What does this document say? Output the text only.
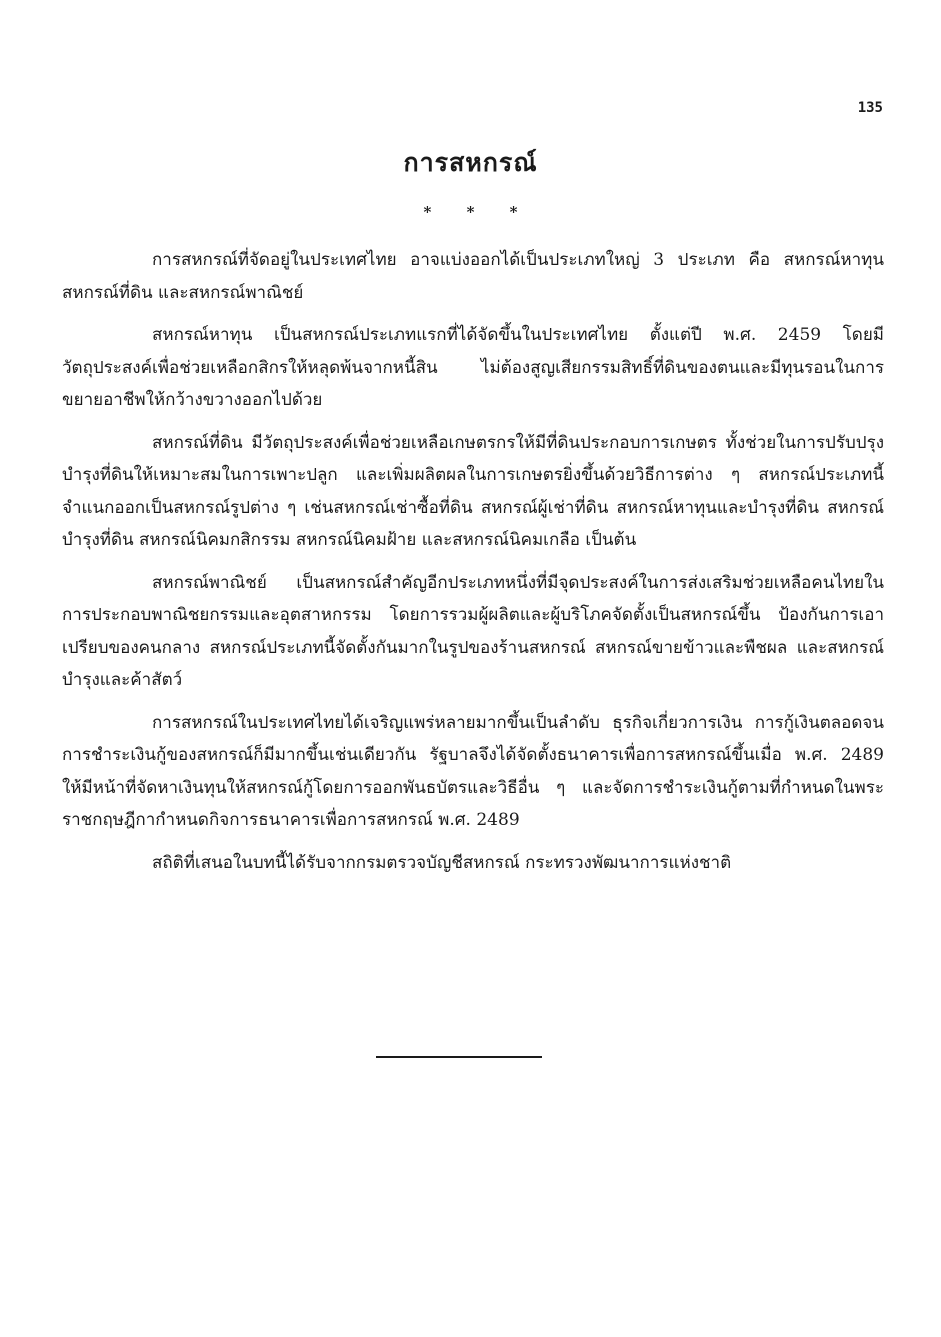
135
การสหกรณ์
* * *

การสหกรณ์ที่จัดอยู่ในประเทศไทย อาจแบ่งออกได้เป็นประเภทใหญ่ 3 ประเภท คือ สหกรณ์หาทุน สหกรณ์ที่ดิน และสหกรณ์พาณิชย์

สหกรณ์หาทุน เป็นสหกรณ์ประเภทแรกที่ได้จัดขึ้นในประเทศไทย ตั้งแต่ปี พ.ศ. 2459 โดยมีวัตถุประสงค์เพื่อช่วยเหลือกสิกรให้หลุดพ้นจากหนี้สิน ไม่ต้องสูญเสียกรรมสิทธิ์ที่ดินของตนและมีทุนรอนในการขยายอาชีพให้กว้างขวางออกไปด้วย

สหกรณ์ที่ดิน มีวัตถุประสงค์เพื่อช่วยเหลือเกษตรกรให้มีที่ดินประกอบการเกษตร ทั้งช่วยในการปรับปรุงบำรุงที่ดินให้เหมาะสมในการเพาะปลูก และเพิ่มผลิตผลในการเกษตรยิ่งขึ้นด้วยวิธีการต่าง ๆ สหกรณ์ประเภทนี้จำแนกออกเป็นสหกรณ์รูปต่าง ๆ เช่นสหกรณ์เช่าซื้อที่ดิน สหกรณ์ผู้เช่าที่ดิน สหกรณ์หาทุนและบำรุงที่ดิน สหกรณ์บำรุงที่ดิน สหกรณ์นิคมกสิกรรม สหกรณ์นิคมฝ้าย และสหกรณ์นิคมเกลือ เป็นต้น

สหกรณ์พาณิชย์ เป็นสหกรณ์สำคัญอีกประเภทหนึ่งที่มีจุดประสงค์ในการส่งเสริมช่วยเหลือคนไทยในการประกอบพาณิชยกรรมและอุตสาหกรรม โดยการรวมผู้ผลิตและผู้บริโภคจัดตั้งเป็นสหกรณ์ขึ้น ป้องกันการเอาเปรียบของคนกลาง สหกรณ์ประเภทนี้จัดตั้งกันมากในรูปของร้านสหกรณ์ สหกรณ์ขายข้าวและพืชผล และสหกรณ์บำรุงและค้าสัตว์

การสหกรณ์ในประเทศไทยได้เจริญแพร่หลายมากขึ้นเป็นลำดับ ธุรกิจเกี่ยวการเงิน การกู้เงินตลอดจนการชำระเงินกู้ของสหกรณ์ก็มีมากขึ้นเช่นเดียวกัน รัฐบาลจึงได้จัดตั้งธนาคารเพื่อการสหกรณ์ขึ้นเมื่อ พ.ศ. 2489 ให้มีหน้าที่จัดหาเงินทุนให้สหกรณ์กู้โดยการออกพันธบัตรและวิธีอื่น ๆ และจัดการชำระเงินกู้ตามที่กำหนดในพระราชกฤษฎีกากำหนดกิจการธนาคารเพื่อการสหกรณ์ พ.ศ. 2489

สถิติที่เสนอในบทนี้ได้รับจากกรมตรวจบัญชีสหกรณ์ กระทรวงพัฒนาการแห่งชาติ
